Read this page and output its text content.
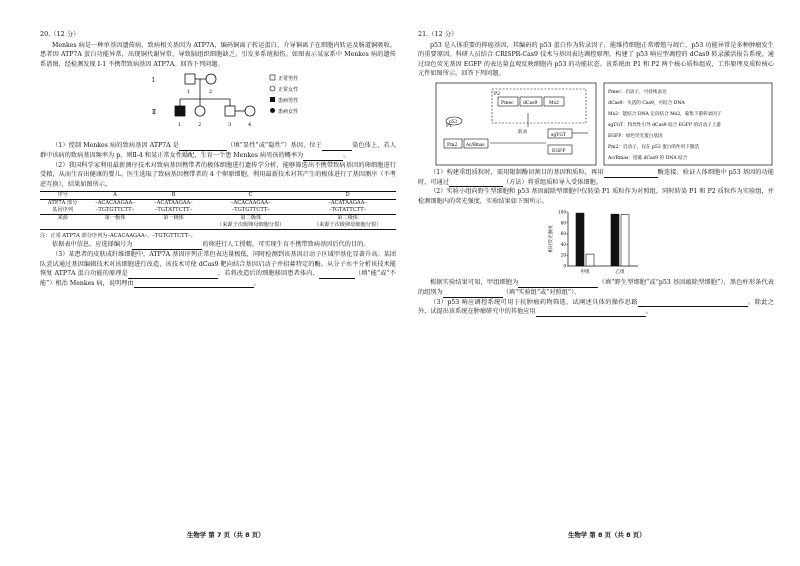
20.（12 分）

Menkes 病是一种单基因遗传病，致病相关基因为 ATP7A，编码铜离子转运蛋白，介导铜离子在细胞内转运及肠道铜吸收。患者因 ATP7A 蛋白功能异常，出现铜代谢异常，导致脑组织细胞缺乏，引发多系统损伤。如图表示某家系中 Menkes 病的遗传系谱图，经检测发现 I-1 不携带致病基因 ATP7A。回答下列问题。

Ⅰ
Ⅱ
1	2
1	2	3	4
正常男性
正常女性
患病男性
患病女性

（1）控制 Menkes 病的致病基因 ATP7A 是	（填“显性”或“隐性”）基因，位于	染色体上，若人群中该病的致病基因频率为 p，则Ⅱ-4 和某正常女性婚配，生育一个患 Menkes 病男孩的概率为	。

（2）我国科学家利用最新测序技术对致病基因携带者的极体细胞进行遗传学分析，能够筛选出不携带致病基因的卵细胞进行受精，从而生育出健康的婴儿。医生选取了致病基因携带者的 4 个卵原细胞，利用最新技术对其产生的极体进行了基因测序（不考虑互换），结果如图所示。

序号	A	B	C	D
ATP7A 部分	–ACACAAGAA–	–ACATAAGAA–	–ACACAAGAA–	–ACATAAGAA–
基因序列	–TGTGTTCTT–	–TGTATTCTT–	–TGTGTTCTT–	–TGTATTCTT–
来源	第一极体	第一极体	第二极体	第二极体
			（来源于次级卵母细胞分裂）	（来源于次级卵母细胞分裂）
注：正常 ATP7A 部分序列为–ACACAAGAA–，–TGTGTTCTT–。

依据表中信息，应选择编号为	的卵进行人工授精，可实现生育不携带致病基因后代的目的。

（3）某患者的皮肤成纤维细胞中，ATP7A 基因序列正常但表达量极低，同时检测到该基因启动子区域甲基化显著升高。某团队尝试通过基因编辑技术对该细胞进行改造，该技术可使 dCas9 靶向结合基因启动子并招募特定的酶。从分子水平分析该技术能恢复 ATP7A 蛋白功能的原理是	。若将改造后的细胞移回患者体内，	（填“能”或“不能”）根治 Menkes 病，说明理由	。

生物学 第 7 页（共 8 页）
21.（12 分）

p53 是人体重要的抑癌基因，其编码的 p53 蛋白作为转录因子，能维持细胞正常增殖与凋亡，p53 功能异常是多种肿瘤发生的重要原因。科研人员结合 CRISPR-Cas9 技术与基因表达调控原理，构建了 p53 响应型调控的 dCas9 转录激活报告系统，通过绿色荧光基因 EGFP 的表达量直观反映细胞内 p53 的功能状态。该系统由 P1 和 P2 两个核心质粒组成，工作原理及质粒核心元件如图所示。回答下列问题。

Pmec dCas9	Ms2
P2
转录
Pm2 Ac/Rmas
sgTGT
EGFP
P1
p53
Pmec：启动子，可持续表达
dCas9：失活的 Cas9，可结合 DNA
Ms2：能结合 DNA 定向结合 Ms2，募集下游转录因子
sgTGT：特异性引导 dCas9 结合 EGFP 的启动子上游
EGFP：绿色荧光蛋白基因
Pm2：启动子，仅在 p53 蛋白的作用下激活
Ac/Rmas：招募 dCas9 的 DNA 结合

（1）构建重组质粒时，需用限制酶切割目的基因和质粒，再用	酶连接。验证人体细胞中 p53 基因的功能时，可通过	（方法）将重组质粒导入受体细胞。

（2）实验小组向野生型细胞和 p53 基因敲除型细胞中仅转染 P1 质粒作为对照组，同时转染 P1 和 P2 质粒作为实验组，并检测细胞内的荧光强度，实验结果如下图所示。

相对荧光强度
0
20
40
60
80
100
甲组	乙组

根据实验结果可知，甲组细胞为	（填“野生型细胞”或“p53 基因敲除型细胞”），黑色柱形条代表的组别为	（填“实验组”或“对照组”）。

（3）p53 响应调控系统可用于抗肿瘤药物筛选，试阐述具体的操作思路	。除此之外，试提出该系统在肿瘤研究中的其他应用	。

生物学 第 8 页（共 8 页）
